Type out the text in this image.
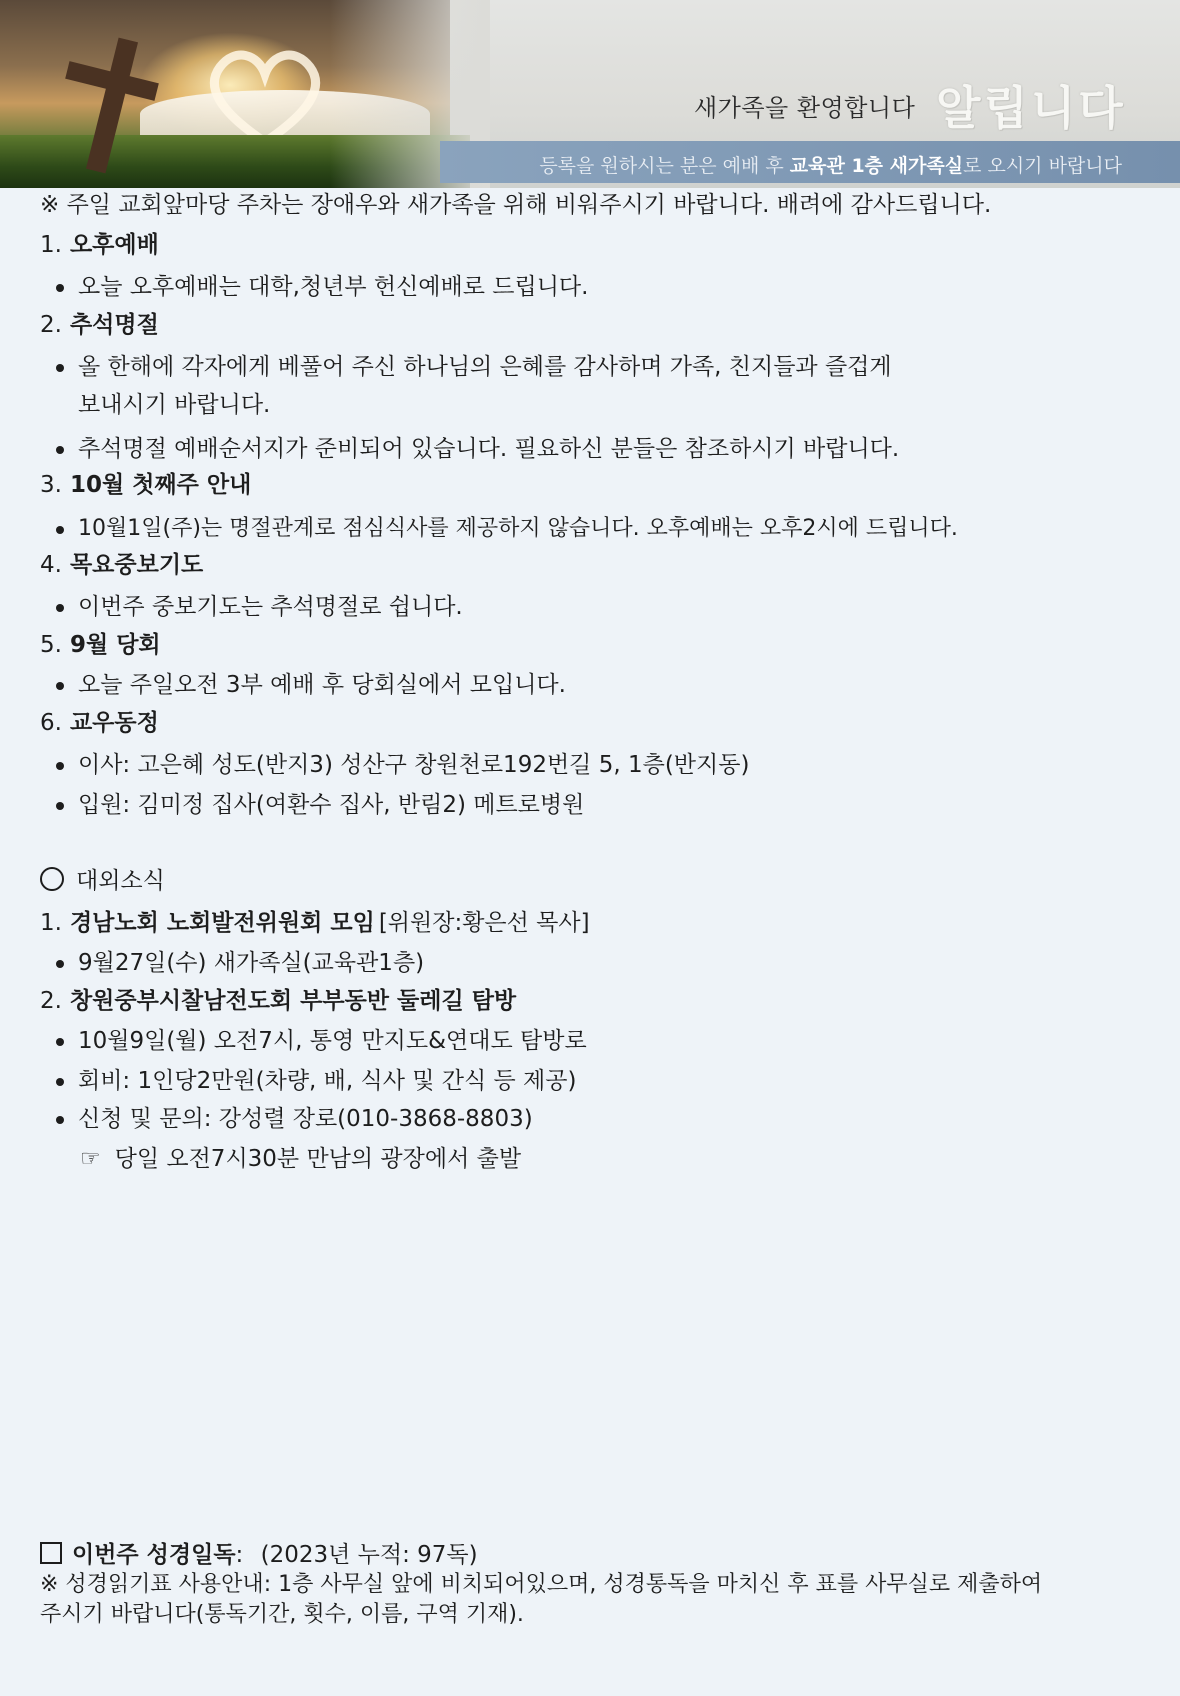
새가족을 환영합니다 알립니다
등록을 원하시는 분은 예배 후 교육관 1층 새가족실로 오시기 바랍니다
※ 주일 교회앞마당 주차는 장애우와 새가족을 위해 비워주시기 바랍니다. 배려에 감사드립니다.
1. 오후예배
오늘 오후예배는 대학,청년부 헌신예배로 드립니다.
2. 추석명절
올 한해에 각자에게 베풀어 주신 하나님의 은혜를 감사하며 가족, 친지들과 즐겁게
보내시기 바랍니다.
추석명절 예배순서지가 준비되어 있습니다. 필요하신 분들은 참조하시기 바랍니다.
3. 10월 첫째주 안내
10월1일(주)는 명절관계로 점심식사를 제공하지 않습니다. 오후예배는 오후2시에 드립니다.
4. 목요중보기도
이번주 중보기도는 추석명절로 쉽니다.
5. 9월 당회
오늘 주일오전 3부 예배 후 당회실에서 모입니다.
6. 교우동정
이사: 고은혜 성도(반지3) 성산구 창원천로192번길 5, 1층(반지동)
입원: 김미정 집사(여환수 집사, 반림2) 메트로병원
대외소식
1. 경남노회 노회발전위원회 모임 [위원장:황은선 목사]
9월27일(수) 새가족실(교육관1층)
2. 창원중부시찰남전도회 부부동반 둘레길 탐방
10월9일(월) 오전7시, 통영 만지도&연대도 탐방로
회비: 1인당2만원(차량, 배, 식사 및 간식 등 제공)
신청 및 문의: 강성렬 장로(010-3868-8803)
☞ 당일 오전7시30분 만남의 광장에서 출발
이번주 성경일독: (2023년 누적: 97독)
※ 성경읽기표 사용안내: 1층 사무실 앞에 비치되어있으며, 성경통독을 마치신 후 표를 사무실로 제출하여
주시기 바랍니다(통독기간, 횟수, 이름, 구역 기재).
